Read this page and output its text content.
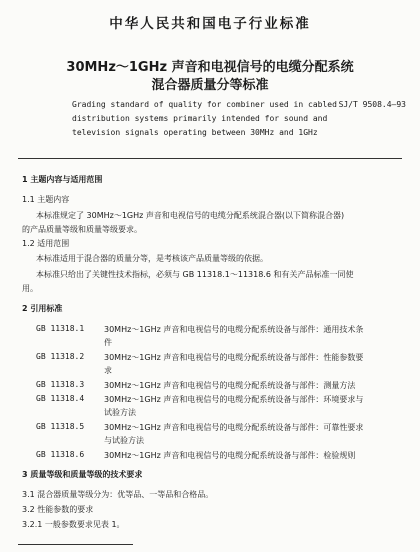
中华人民共和国电子行业标准
30MHz～1GHz 声音和电视信号的电缆分配系统
混合器质量分等标准
Grading standard of quality for combiner used in cabled
distribution systems primarily intended for sound and
television signals operating between 30MHz and 1GHz
SJ/T 9508.4—93
1 主题内容与适用范围
1.1 主题内容
本标准规定了 30MHz～1GHz 声音和电视信号的电缆分配系统混合器(以下简称混合器)
的产品质量等级和质量等级要求。
1.2 适用范围
本标准适用于混合器的质量分等，是考核该产品质量等级的依据。
本标准只给出了关键性技术指标，必须与 GB 11318.1～11318.6 和有关产品标准一同使
用。
2 引用标准
GB 11318.1 30MHz～1GHz 声音和电视信号的电缆分配系统设备与部件：通用技术条
件
GB 11318.2 30MHz～1GHz 声音和电视信号的电缆分配系统设备与部件：性能参数要
求
GB 11318.3 30MHz～1GHz 声音和电视信号的电缆分配系统设备与部件：测量方法
GB 11318.4 30MHz～1GHz 声音和电视信号的电缆分配系统设备与部件：环境要求与
试验方法
GB 11318.5 30MHz～1GHz 声音和电视信号的电缆分配系统设备与部件：可靠性要求
与试验方法
GB 11318.6 30MHz～1GHz 声音和电视信号的电缆分配系统设备与部件：检验规则
3 质量等级和质量等级的技术要求
3.1 混合器质量等级分为：优等品、一等品和合格品。
3.2 性能参数的要求
3.2.1 一般参数要求见表 1。
